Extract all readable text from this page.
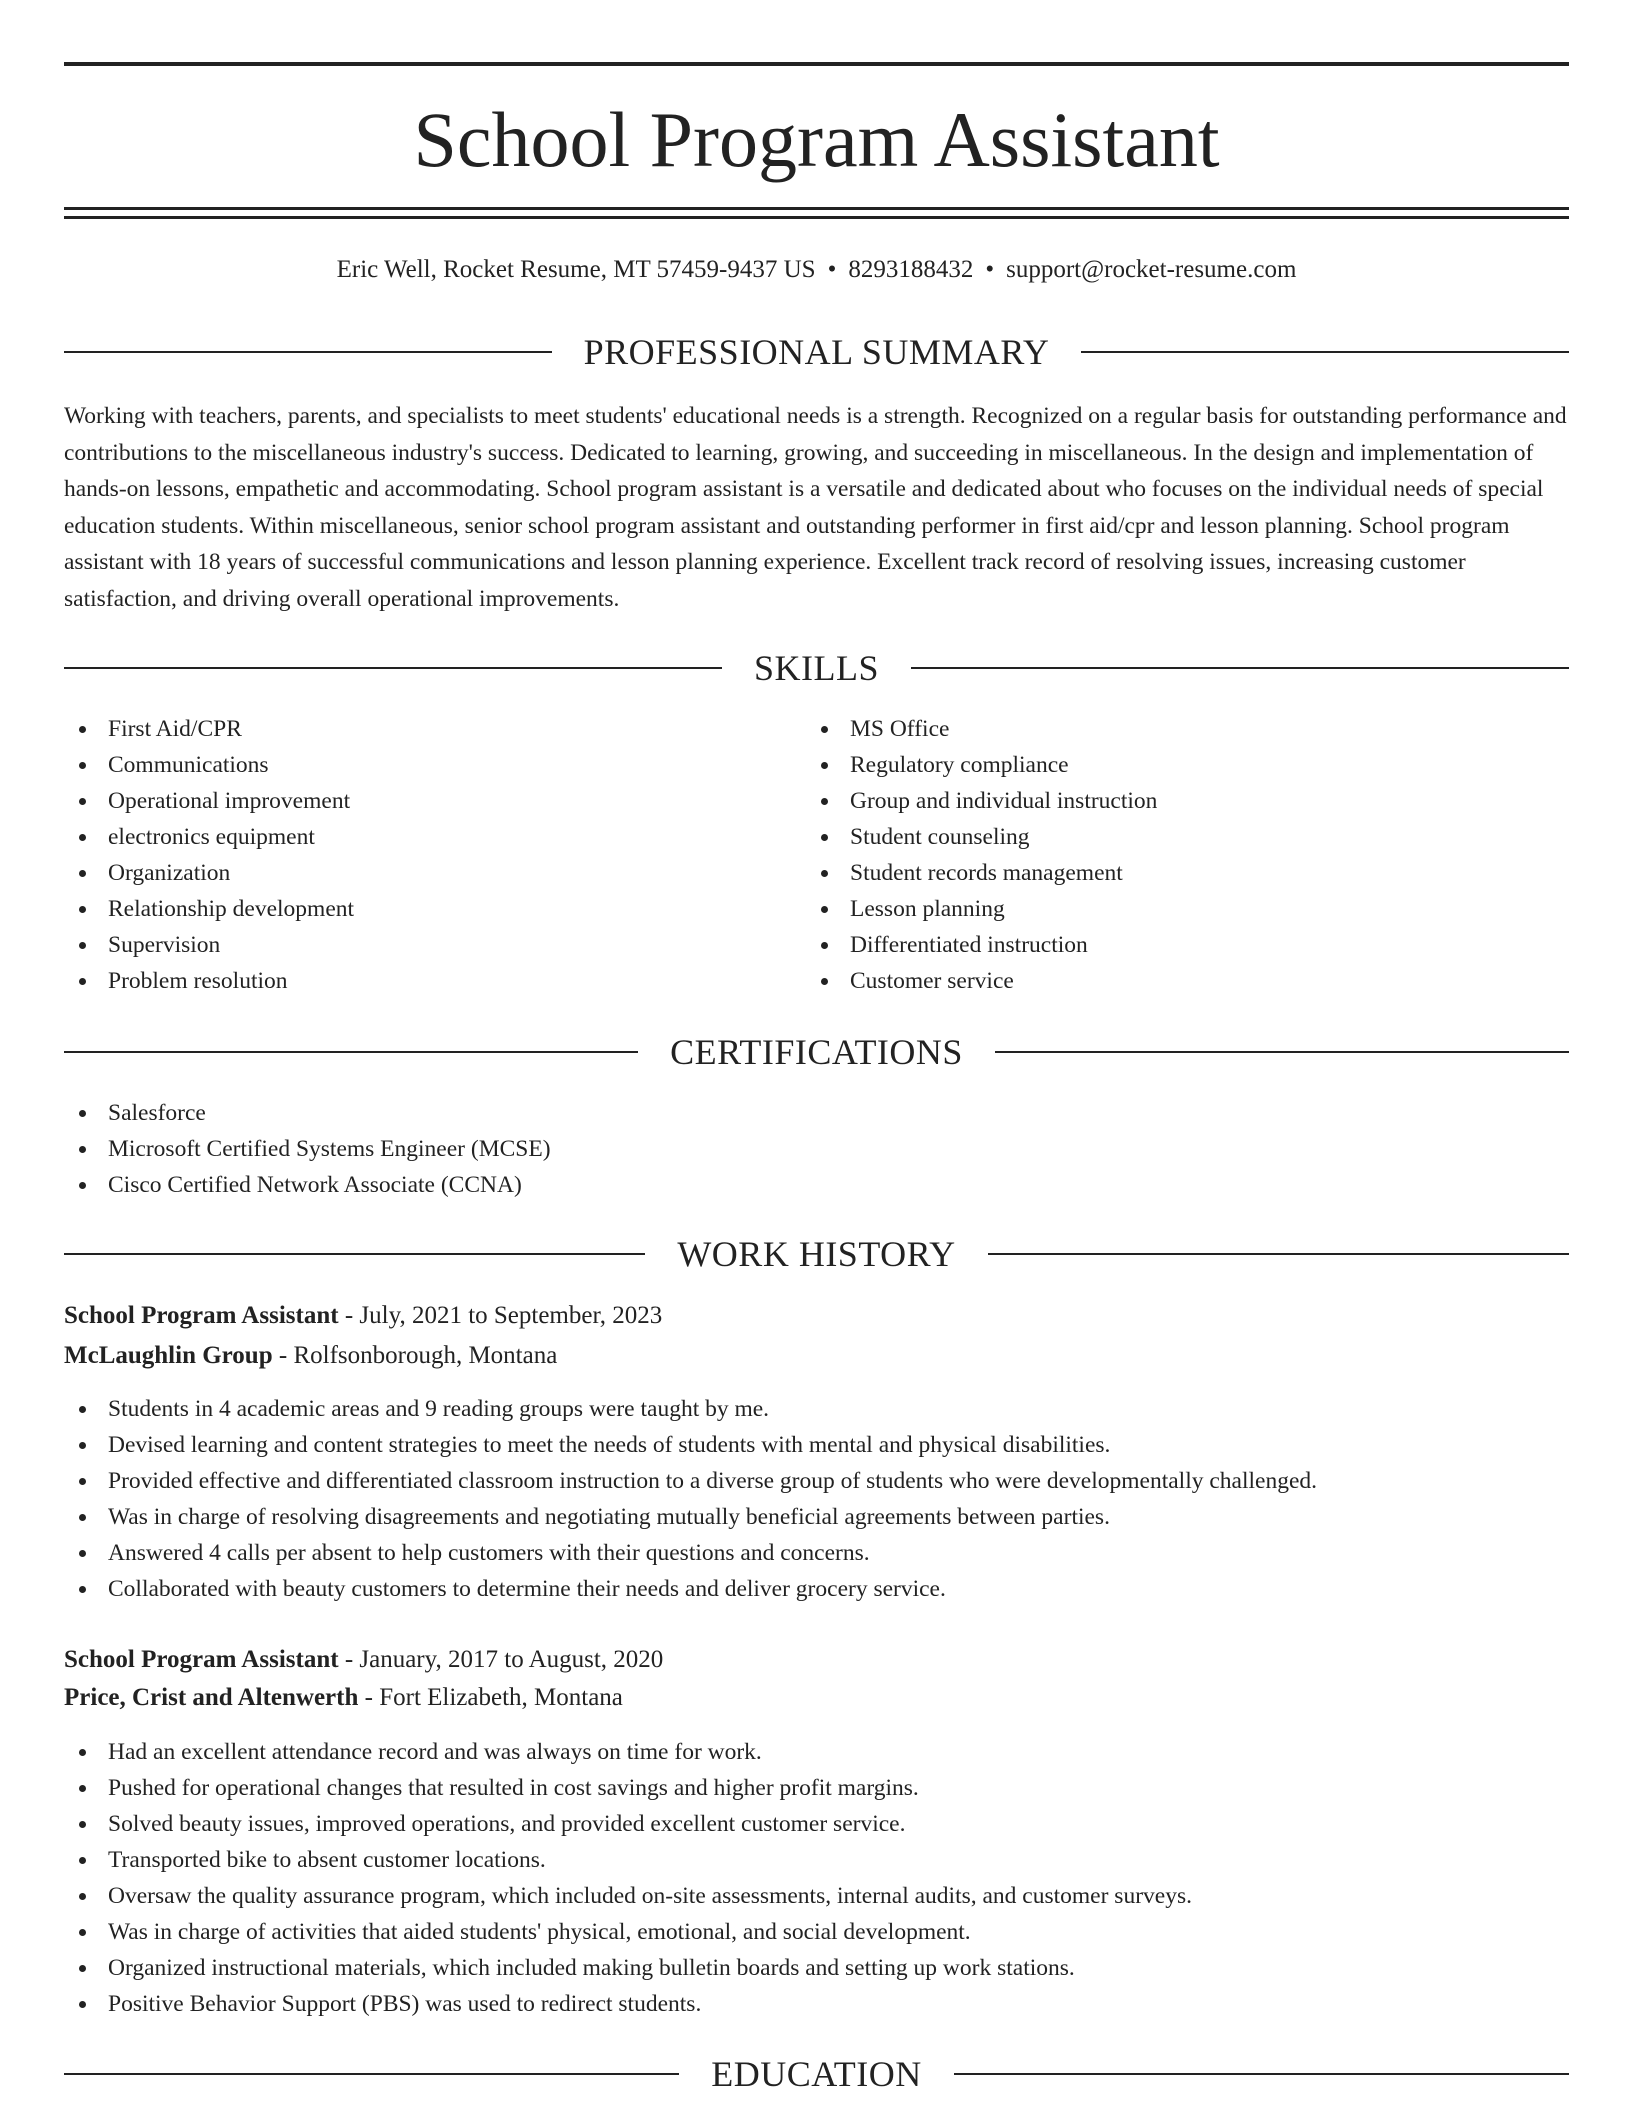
School Program Assistant
Eric Well, Rocket Resume, MT 57459-9437 US • 8293188432 • support@rocket-resume.com
PROFESSIONAL SUMMARY

Working with teachers, parents, and specialists to meet students' educational needs is a strength. Recognized on a regular basis for outstanding performance and contributions to the miscellaneous industry's success. Dedicated to learning, growing, and succeeding in miscellaneous. In the design and implementation of hands-on lessons, empathetic and accommodating. School program assistant is a versatile and dedicated about who focuses on the individual needs of special education students. Within miscellaneous, senior school program assistant and outstanding performer in first aid/cpr and lesson planning. School program assistant with 18 years of successful communications and lesson planning experience. Excellent track record of resolving issues, increasing customer satisfaction, and driving overall operational improvements.

SKILLS
First Aid/CPR
Communications
Operational improvement
electronics equipment
Organization
Relationship development
Supervision
Problem resolution
MS Office
Regulatory compliance
Group and individual instruction
Student counseling
Student records management
Lesson planning
Differentiated instruction
Customer service
CERTIFICATIONS
Salesforce
Microsoft Certified Systems Engineer (MCSE)
Cisco Certified Network Associate (CCNA)
WORK HISTORY
School Program Assistant - July, 2021 to September, 2023
McLaughlin Group - Rolfsonborough, Montana
Students in 4 academic areas and 9 reading groups were taught by me.
Devised learning and content strategies to meet the needs of students with mental and physical disabilities.
Provided effective and differentiated classroom instruction to a diverse group of students who were developmentally challenged.
Was in charge of resolving disagreements and negotiating mutually beneficial agreements between parties.
Answered 4 calls per absent to help customers with their questions and concerns.
Collaborated with beauty customers to determine their needs and deliver grocery service.
School Program Assistant - January, 2017 to August, 2020
Price, Crist and Altenwerth - Fort Elizabeth, Montana
Had an excellent attendance record and was always on time for work.
Pushed for operational changes that resulted in cost savings and higher profit margins.
Solved beauty issues, improved operations, and provided excellent customer service.
Transported bike to absent customer locations.
Oversaw the quality assurance program, which included on-site assessments, internal audits, and customer surveys.
Was in charge of activities that aided students' physical, emotional, and social development.
Organized instructional materials, which included making bulletin boards and setting up work stations.
Positive Behavior Support (PBS) was used to redirect students.
EDUCATION
